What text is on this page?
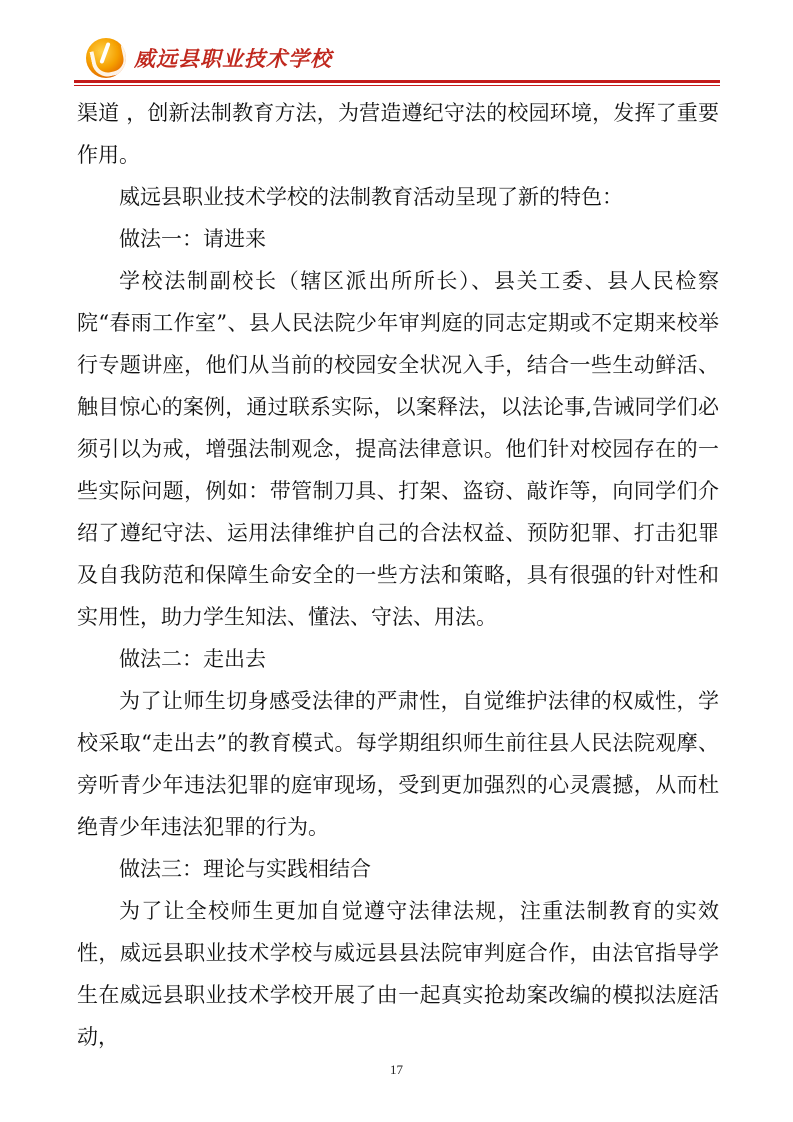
威远县职业技术学校

渠道 ，创新法制教育方法，为营造遵纪守法的校园环境，发挥了重要作用。

威远县职业技术学校的法制教育活动呈现了新的特色：

做法一：请进来

学校法制副校长（辖区派出所所长）、县关工委、县人民检察院“春雨工作室”、县人民法院少年审判庭的同志定期或不定期来校举行专题讲座，他们从当前的校园安全状况入手，结合一些生动鲜活、触目惊心的案例，通过联系实际，以案释法，以法论事,告诫同学们必须引以为戒，增强法制观念，提高法律意识。他们针对校园存在的一些实际问题，例如：带管制刀具、打架、盗窃、敲诈等，向同学们介绍了遵纪守法、运用法律维护自己的合法权益、预防犯罪、打击犯罪及自我防范和保障生命安全的一些方法和策略，具有很强的针对性和实用性，助力学生知法、懂法、守法、用法。

做法二：走出去

为了让师生切身感受法律的严肃性，自觉维护法律的权威性，学校采取“走出去”的教育模式。每学期组织师生前往县人民法院观摩、旁听青少年违法犯罪的庭审现场，受到更加强烈的心灵震撼，从而杜绝青少年违法犯罪的行为。

做法三：理论与实践相结合

为了让全校师生更加自觉遵守法律法规，注重法制教育的实效性，威远县职业技术学校与威远县县法院审判庭合作，由法官指导学生在威远县职业技术学校开展了由一起真实抢劫案改编的模拟法庭活动，

17
